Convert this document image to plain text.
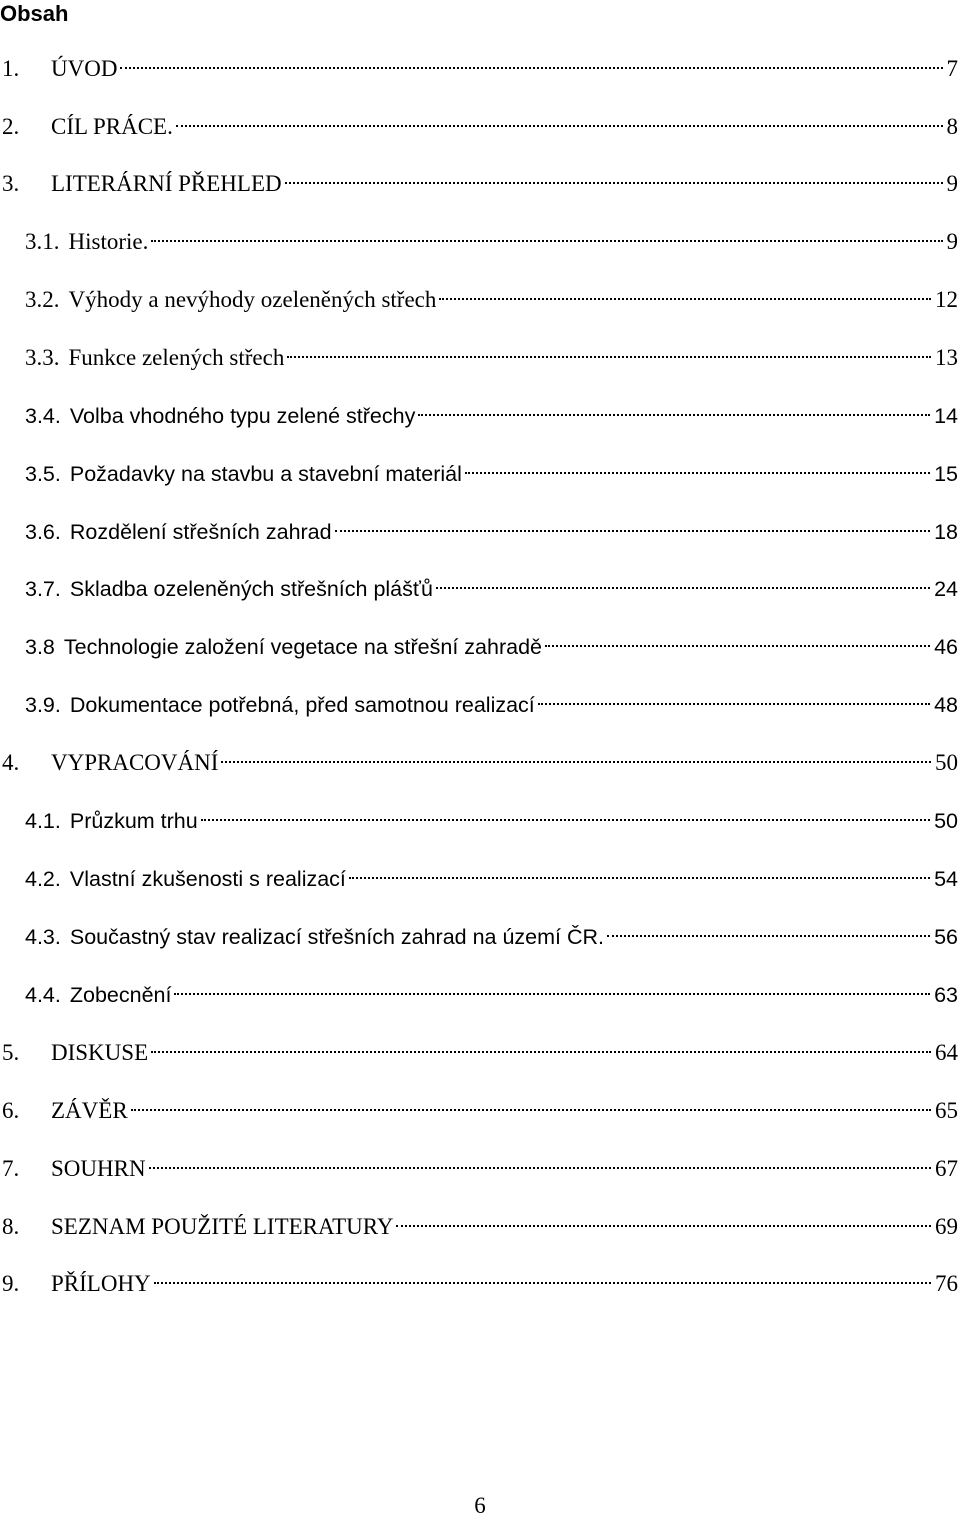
Obsah
1.	ÚVOD	7
2.	CÍL PRÁCE.	8
3.	LITERÁRNÍ PŘEHLED	9
3.1. Historie.	9
3.2. Výhody a nevýhody ozeleněných střech	12
3.3. Funkce zelených střech	13
3.4. Volba vhodného typu zelené střechy	14
3.5. Požadavky na stavbu a stavební materiál	15
3.6. Rozdělení střešních zahrad	18
3.7. Skladba ozeleněných střešních plášťů	24
3.8 Technologie založení vegetace na střešní zahradě	46
3.9. Dokumentace potřebná, před samotnou realizací	48
4.	VYPRACOVÁNÍ	50
4.1. Průzkum trhu	50
4.2. Vlastní zkušenosti s realizací	54
4.3. Součastný stav realizací střešních zahrad na území ČR.	56
4.4. Zobecnění	63
5.	DISKUSE	64
6.	ZÁVĚR	65
7.	SOUHRN	67
8.	SEZNAM POUŽITÉ LITERATURY	69
9.	PŘÍLOHY	76
6
